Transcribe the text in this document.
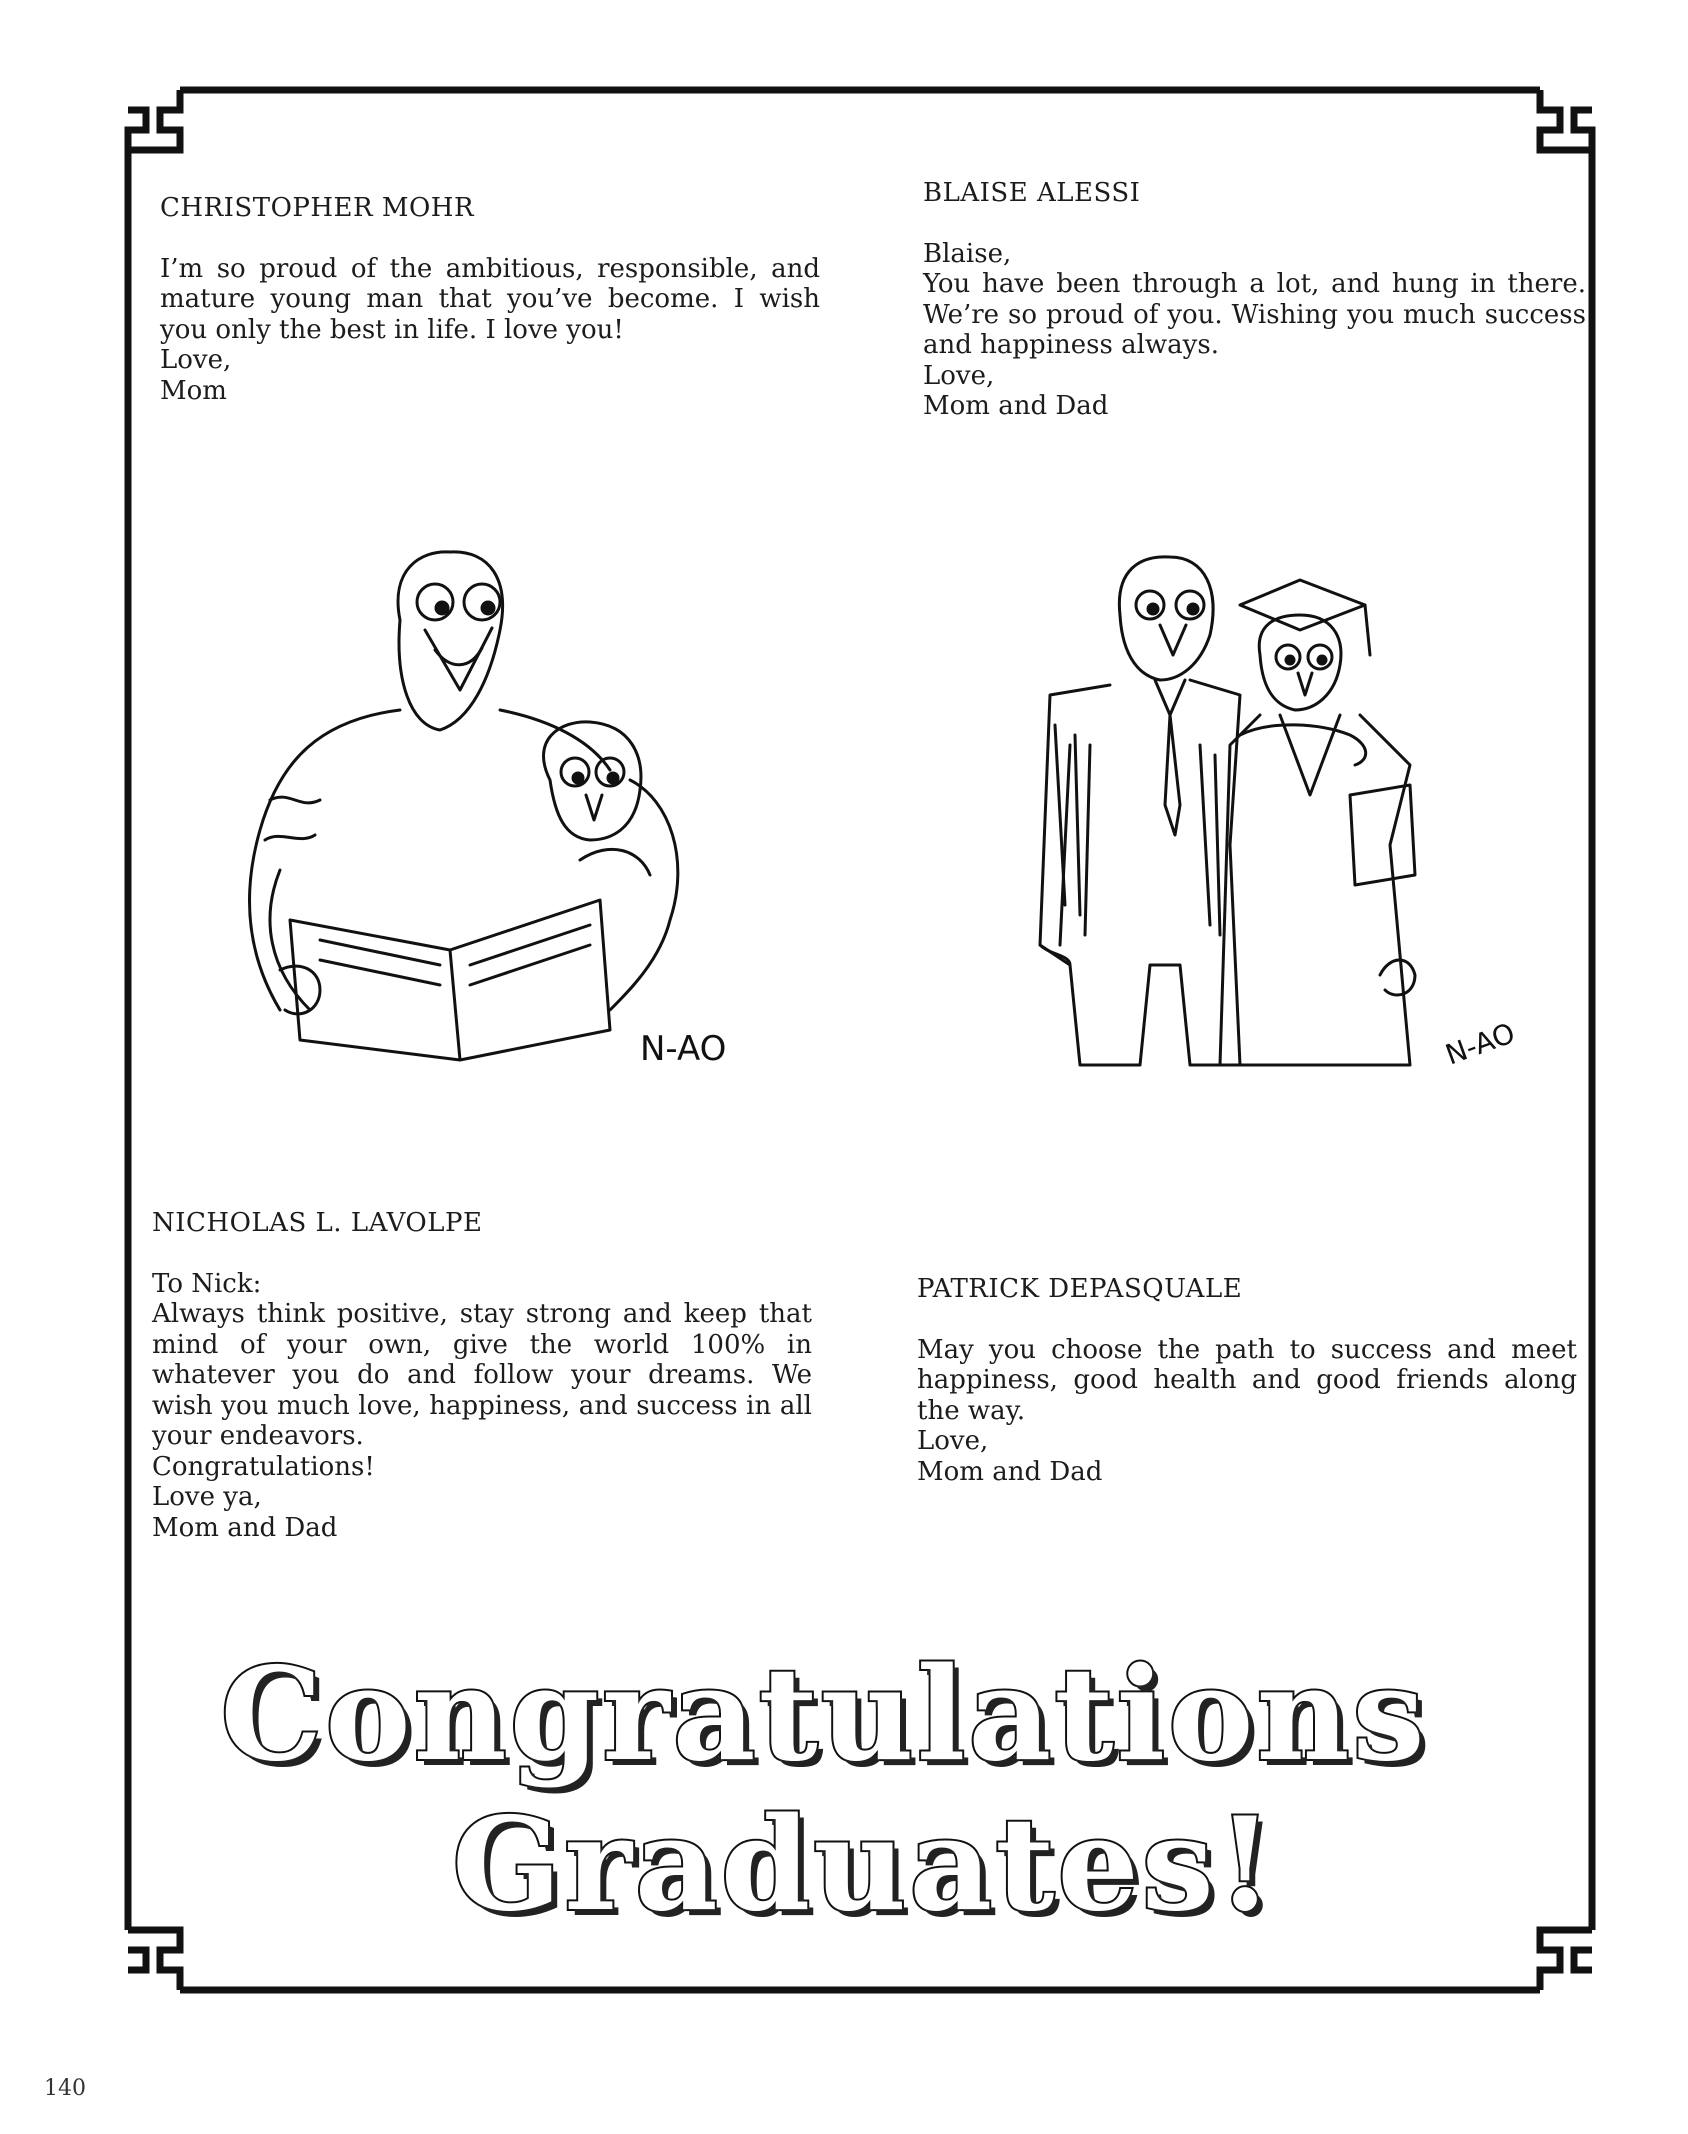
CHRISTOPHER MOHR
I’m so proud of the ambitious, responsible, and mature young man that you’ve become. I wish you only the best in life. I love you!
Love,
Mom
BLAISE ALESSI
Blaise,
You have been through a lot, and hung in there. We’re so proud of you. Wishing you much success and happiness always.
Love,
Mom and Dad
NICHOLAS L. LAVOLPE
To Nick:
Always think positive, stay strong and keep that mind of your own, give the world 100% in whatever you do and follow your dreams. We wish you much love, happiness, and success in all your endeavors.
Congratulations!
Love ya,
Mom and Dad
PATRICK DEPASQUALE
May you choose the path to success and meet happiness, good health and good friends along the way.
Love,
Mom and Dad
N-AO	N-AO
Congratulations
Graduates!
140
